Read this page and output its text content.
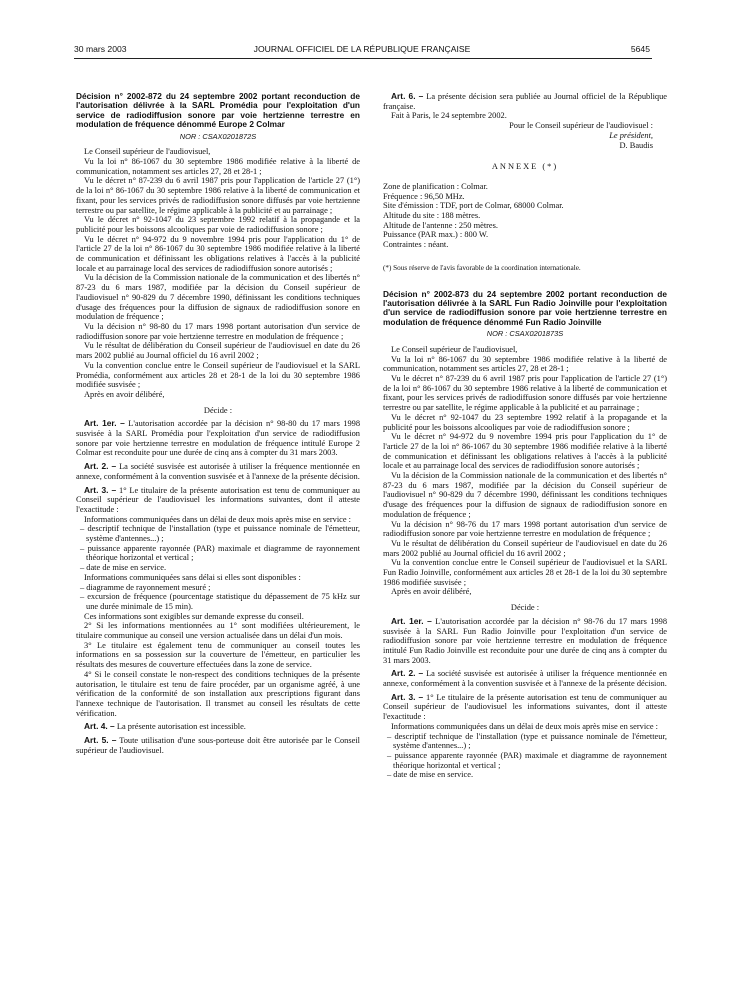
30 mars 2003	JOURNAL OFFICIEL DE LA RÉPUBLIQUE FRANÇAISE	5645

Décision n° 2002-872 du 24 septembre 2002 portant reconduction de l'autorisation délivrée à la SARL Promédia pour l'exploitation d'un service de radiodiffusion sonore par voie hertzienne terrestre en modulation de fréquence dénommé Europe 2 Colmar

NOR : CSAX0201872S

Le Conseil supérieur de l'audiovisuel,

Vu la loi n° 86-1067 du 30 septembre 1986 modifiée relative à la liberté de communication, notamment ses articles 27, 28 et 28-1 ;

Vu le décret n° 87-239 du 6 avril 1987 pris pour l'application de l'article 27 (1°) de la loi n° 86-1067 du 30 septembre 1986 relative à la liberté de communication et fixant, pour les services privés de radiodiffusion sonore diffusés par voie hertzienne terrestre ou par satellite, le régime applicable à la publicité et au parrainage ;

Vu le décret n° 92-1047 du 23 septembre 1992 relatif à la propagande et la publicité pour les boissons alcooliques par voie de radiodiffusion sonore ;

Vu le décret n° 94-972 du 9 novembre 1994 pris pour l'application du 1° de l'article 27 de la loi n° 86-1067 du 30 septembre 1986 modifiée relative à la liberté de communication et définissant les obligations relatives à l'accès à la publicité locale et au parrainage local des services de radiodiffusion sonore autorisés ;

Vu la décision de la Commission nationale de la communication et des libertés n° 87-23 du 6 mars 1987, modifiée par la décision du Conseil supérieur de l'audiovisuel n° 90-829 du 7 décembre 1990, définissant les conditions techniques d'usage des fréquences pour la diffusion de signaux de radiodiffusion sonore en modulation de fréquence ;

Vu la décision n° 98-80 du 17 mars 1998 portant autorisation d'un service de radiodiffusion sonore par voie hertzienne terrestre en modulation de fréquence ;

Vu le résultat de délibération du Conseil supérieur de l'audiovisuel en date du 26 mars 2002 publié au Journal officiel du 16 avril 2002 ;

Vu la convention conclue entre le Conseil supérieur de l'audiovisuel et la SARL Promédia, conformément aux articles 28 et 28-1 de la loi du 30 septembre 1986 modifiée susvisée ;

Après en avoir délibéré,

Décide :

Art. 1er. – L'autorisation accordée par la décision n° 98-80 du 17 mars 1998 susvisée à la SARL Promédia pour l'exploitation d'un service de radiodiffusion sonore par voie hertzienne terrestre en modulation de fréquence intitulé Europe 2 Colmar est reconduite pour une durée de cinq ans à compter du 31 mars 2003.

Art. 2. – La société susvisée est autorisée à utiliser la fréquence mentionnée en annexe, conformément à la convention susvisée et à l'annexe de la présente décision.

Art. 3. – 1° Le titulaire de la présente autorisation est tenu de communiquer au Conseil supérieur de l'audiovisuel les informations suivantes, dont il atteste l'exactitude :

Informations communiquées dans un délai de deux mois après mise en service :

– descriptif technique de l'installation (type et puissance nominale de l'émetteur, système d'antennes...) ;

– puissance apparente rayonnée (PAR) maximale et diagramme de rayonnement théorique horizontal et vertical ;

– date de mise en service.

Informations communiquées sans délai si elles sont disponibles :

– diagramme de rayonnement mesuré ;

– excursion de fréquence (pourcentage statistique du dépassement de 75 kHz sur une durée minimale de 15 min).

Ces informations sont exigibles sur demande expresse du conseil.

2° Si les informations mentionnées au 1° sont modifiées ultérieurement, le titulaire communique au conseil une version actualisée dans un délai d'un mois.

3° Le titulaire est également tenu de communiquer au conseil toutes les informations en sa possession sur la couverture de l'émetteur, en particulier les résultats des mesures de couverture effectuées dans la zone de service.

4° Si le conseil constate le non-respect des conditions techniques de la présente autorisation, le titulaire est tenu de faire procéder, par un organisme agréé, à une vérification de la conformité de son installation aux prescriptions figurant dans l'annexe technique de l'autorisation. Il transmet au conseil les résultats de cette vérification.

Art. 4. – La présente autorisation est incessible.

Art. 5. – Toute utilisation d'une sous-porteuse doit être autorisée par le Conseil supérieur de l'audiovisuel.

Art. 6. – La présente décision sera publiée au Journal officiel de la République française.

Fait à Paris, le 24 septembre 2002.

Pour le Conseil supérieur de l'audiovisuel :

Le président,

D. Baudis

ANNEXE (*)

Zone de planification : Colmar.

Fréquence : 96,50 MHz.

Site d'émission : TDF, port de Colmar, 68000 Colmar.

Altitude du site : 188 mètres.

Altitude de l'antenne : 250 mètres.

Puissance (PAR max.) : 800 W.

Contraintes : néant.

(*) Sous réserve de l'avis favorable de la coordination internationale.

Décision n° 2002-873 du 24 septembre 2002 portant reconduction de l'autorisation délivrée à la SARL Fun Radio Joinville pour l'exploitation d'un service de radiodiffusion sonore par voie hertzienne terrestre en modulation de fréquence dénommé Fun Radio Joinville

NOR : CSAX0201873S

Le Conseil supérieur de l'audiovisuel,

Vu la loi n° 86-1067 du 30 septembre 1986 modifiée relative à la liberté de communication, notamment ses articles 27, 28 et 28-1 ;

Vu le décret n° 87-239 du 6 avril 1987 pris pour l'application de l'article 27 (1°) de la loi n° 86-1067 du 30 septembre 1986 relative à la liberté de communication et fixant, pour les services privés de radiodiffusion sonore diffusés par voie hertzienne terrestre ou par satellite, le régime applicable à la publicité et au parrainage ;

Vu le décret n° 92-1047 du 23 septembre 1992 relatif à la propagande et la publicité pour les boissons alcooliques par voie de radiodiffusion sonore ;

Vu le décret n° 94-972 du 9 novembre 1994 pris pour l'application du 1° de l'article 27 de la loi n° 86-1067 du 30 septembre 1986 modifiée relative à la liberté de communication et définissant les obligations relatives à l'accès à la publicité locale et au parrainage local des services de radiodiffusion sonore autorisés ;

Vu la décision de la Commission nationale de la communication et des libertés n° 87-23 du 6 mars 1987, modifiée par la décision du Conseil supérieur de l'audiovisuel n° 90-829 du 7 décembre 1990, définissant les conditions techniques d'usage des fréquences pour la diffusion de signaux de radiodiffusion sonore en modulation de fréquence ;

Vu la décision n° 98-76 du 17 mars 1998 portant autorisation d'un service de radiodiffusion sonore par voie hertzienne terrestre en modulation de fréquence ;

Vu le résultat de délibération du Conseil supérieur de l'audiovisuel en date du 26 mars 2002 publié au Journal officiel du 16 avril 2002 ;

Vu la convention conclue entre le Conseil supérieur de l'audiovisuel et la SARL Fun Radio Joinville, conformément aux articles 28 et 28-1 de la loi du 30 septembre 1986 modifiée susvisée ;

Après en avoir délibéré,

Décide :

Art. 1er. – L'autorisation accordée par la décision n° 98-76 du 17 mars 1998 susvisée à la SARL Fun Radio Joinville pour l'exploitation d'un service de radiodiffusion sonore par voie hertzienne terrestre en modulation de fréquence intitulé Fun Radio Joinville est reconduite pour une durée de cinq ans à compter du 31 mars 2003.

Art. 2. – La société susvisée est autorisée à utiliser la fréquence mentionnée en annexe, conformément à la convention susvisée et à l'annexe de la présente décision.

Art. 3. – 1° Le titulaire de la présente autorisation est tenu de communiquer au Conseil supérieur de l'audiovisuel les informations suivantes, dont il atteste l'exactitude :

Informations communiquées dans un délai de deux mois après mise en service :

– descriptif technique de l'installation (type et puissance nominale de l'émetteur, système d'antennes...) ;

– puissance apparente rayonnée (PAR) maximale et diagramme de rayonnement théorique horizontal et vertical ;

– date de mise en service.
